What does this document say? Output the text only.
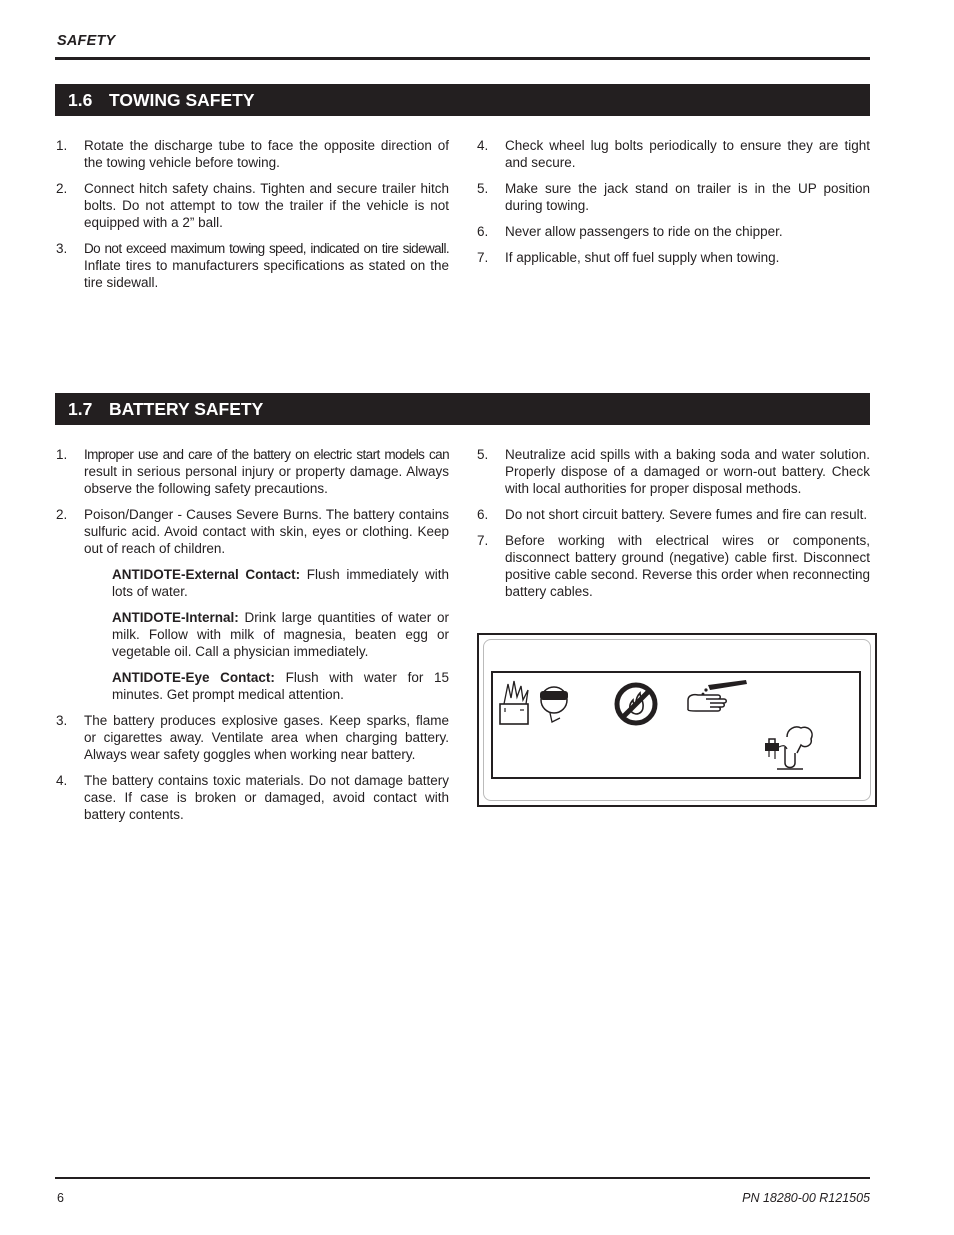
SAFETY
1.6 TOWING SAFETY
1. Rotate the discharge tube to face the opposite direction of the towing vehicle before towing.
2. Connect hitch safety chains. Tighten and secure trailer hitch bolts. Do not attempt to tow the trailer if the vehicle is not equipped with a 2” ball.
3. Do not exceed maximum towing speed, indicated on tire sidewall. Inflate tires to manufacturers specifications as stated on the tire sidewall.
4. Check wheel lug bolts periodically to ensure they are tight and secure.
5. Make sure the jack stand on trailer is in the UP position during towing.
6. Never allow passengers to ride on the chipper.
7. If applicable, shut off fuel supply when towing.
1.7 BATTERY SAFETY
1. Improper use and care of the battery on electric start models can result in serious personal injury or property damage. Always observe the following safety precautions.
2. Poison/Danger - Causes Severe Burns. The battery contains sulfuric acid. Avoid contact with skin, eyes or clothing. Keep out of reach of children.
ANTIDOTE-External Contact: Flush immediately with lots of water.
ANTIDOTE-Internal: Drink large quantities of water or milk. Follow with milk of magnesia, beaten egg or vegetable oil. Call a physician immediately.
ANTIDOTE-Eye Contact: Flush with water for 15 minutes. Get prompt medical attention.
3. The battery produces explosive gases. Keep sparks, flame or cigarettes away. Ventilate area when charging battery. Always wear safety goggles when working near battery.
4. The battery contains toxic materials. Do not damage battery case. If case is broken or damaged, avoid contact with battery contents.
5. Neutralize acid spills with a baking soda and water solution. Properly dispose of a damaged or worn-out battery. Check with local authorities for proper disposal methods.
6. Do not short circuit battery. Severe fumes and fire can result.
7. Before working with electrical wires or components, disconnect battery ground (negative) cable first. Disconnect positive cable second. Reverse this order when reconnecting battery cables.
6	PN 18280-00 R121505
